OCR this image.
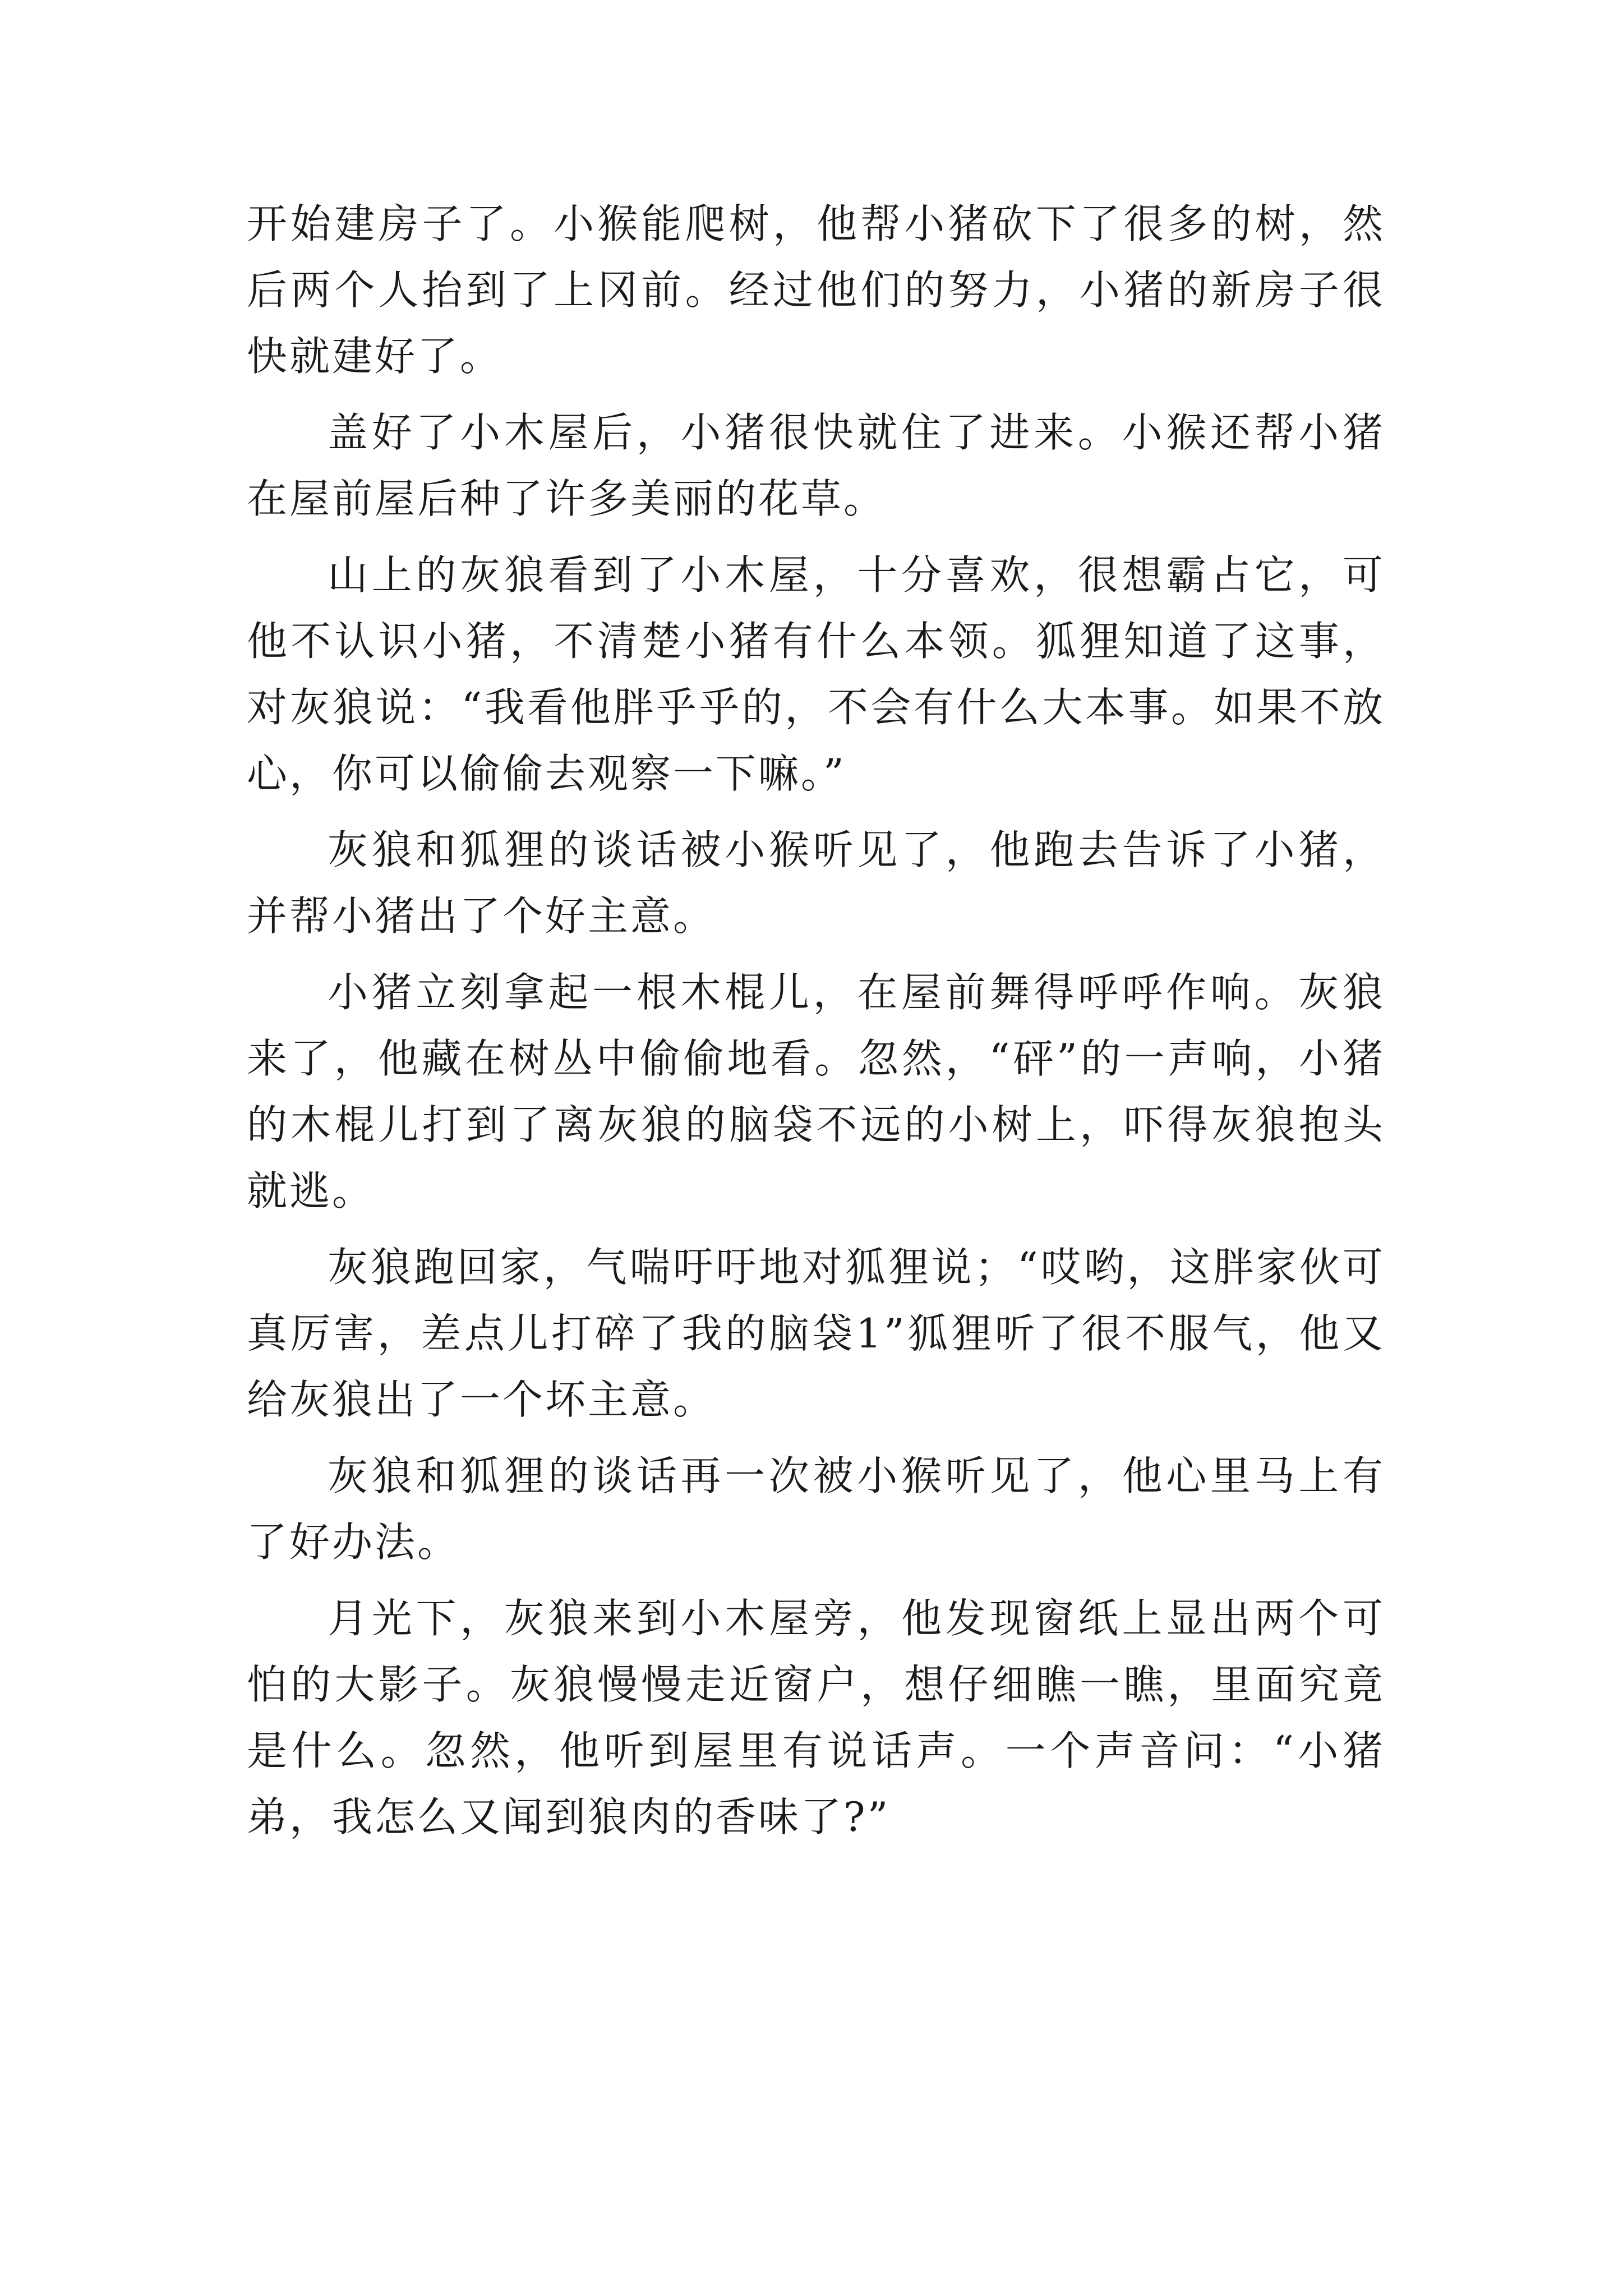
开始建房子了。小猴能爬树，他帮小猪砍下了很多的树，然后两个人抬到了上冈前。经过他们的努力，小猪的新房子很快就建好了。

盖好了小木屋后，小猪很快就住了进来。小猴还帮小猪在屋前屋后种了许多美丽的花草。

山上的灰狼看到了小木屋，十分喜欢，很想霸占它，可他不认识小猪，不清楚小猪有什么本领。狐狸知道了这事，对灰狼说：“我看他胖乎乎的，不会有什么大本事。如果不放心，你可以偷偷去观察一下嘛。”

灰狼和狐狸的谈话被小猴听见了，他跑去告诉了小猪，并帮小猪出了个好主意。

小猪立刻拿起一根木棍儿，在屋前舞得呼呼作响。灰狼来了，他藏在树丛中偷偷地看。忽然，“砰”的一声响，小猪的木棍儿打到了离灰狼的脑袋不远的小树上，吓得灰狼抱头就逃。

灰狼跑回家，气喘吁吁地对狐狸说；“哎哟，这胖家伙可真厉害，差点儿打碎了我的脑袋1”狐狸听了很不服气，他又给灰狼出了一个坏主意。

灰狼和狐狸的谈话再一次被小猴听见了，他心里马上有了好办法。

月光下，灰狼来到小木屋旁，他发现窗纸上显出两个可怕的大影子。灰狼慢慢走近窗户，想仔细瞧一瞧，里面究竟是什么。忽然，他听到屋里有说话声。一个声音问：“小猪弟，我怎么又闻到狼肉的香味了?”
